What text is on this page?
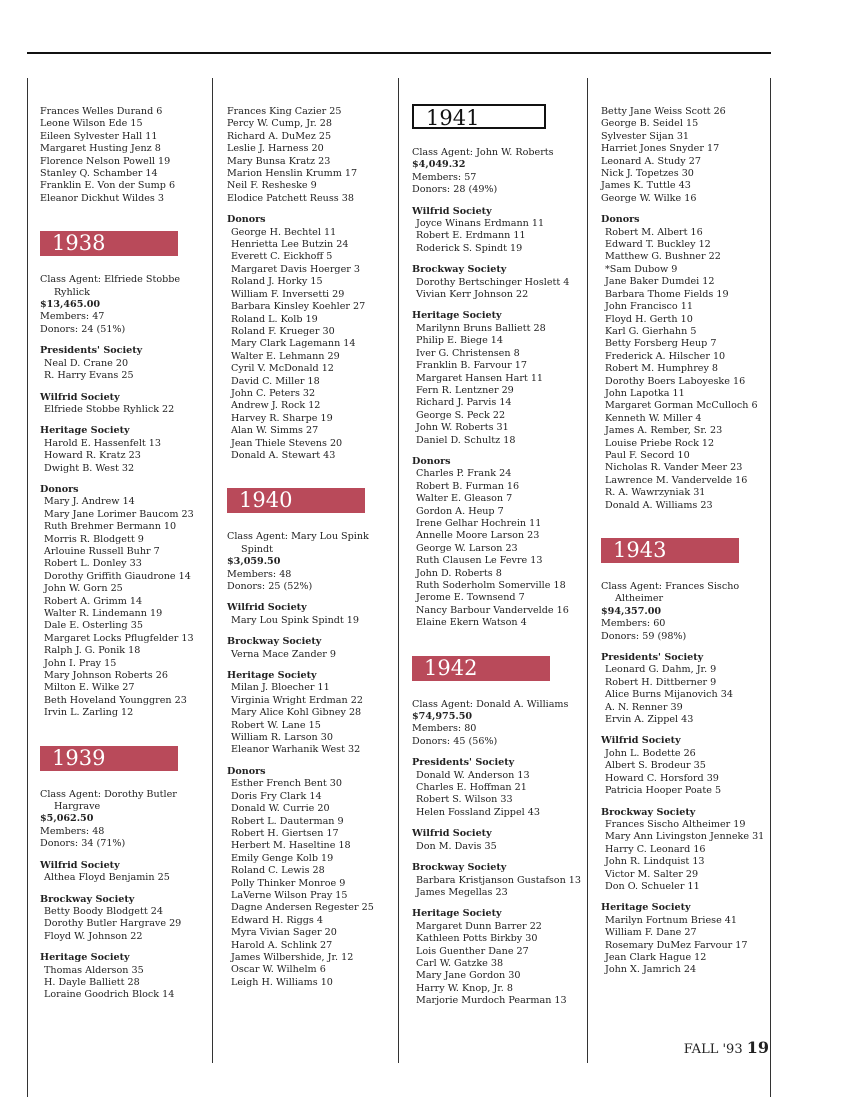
Frances Welles Durand 6
Leone Wilson Ede 15
Eileen Sylvester Hall 11
Margaret Husting Jenz 8
Florence Nelson Powell 19
Stanley Q. Schamber 14
Franklin E. Von der Sump 6
Eleanor Dickhut Wildes 3
1938
Class Agent: Elfriede Stobbe
Ryhlick
$13,465.00
Members: 47
Donors: 24 (51%)
Presidents' Society
Neal D. Crane 20
R. Harry Evans 25
Wilfrid Society
Elfriede Stobbe Ryhlick 22
Heritage Society
Harold E. Hassenfelt 13
Howard R. Kratz 23
Dwight B. West 32
Donors
Mary J. Andrew 14
Mary Jane Lorimer Baucom 23
Ruth Brehmer Bermann 10
Morris R. Blodgett 9
Arlouine Russell Buhr 7
Robert L. Donley 33
Dorothy Griffith Giaudrone 14
John W. Gorn 25
Robert A. Grimm 14
Walter R. Lindemann 19
Dale E. Osterling 35
Margaret Locks Pflugfelder 13
Ralph J. G. Ponik 18
John I. Pray 15
Mary Johnson Roberts 26
Milton E. Wilke 27
Beth Hoveland Younggren 23
Irvin L. Zarling 12
1939
Class Agent: Dorothy Butler
Hargrave
$5,062.50
Members: 48
Donors: 34 (71%)
Wilfrid Society
Althea Floyd Benjamin 25
Brockway Society
Betty Boody Blodgett 24
Dorothy Butler Hargrave 29
Floyd W. Johnson 22
Heritage Society
Thomas Alderson 35
H. Dayle Balliett 28
Loraine Goodrich Block 14
Frances King Cazier 25
Percy W. Cump, Jr. 28
Richard A. DuMez 25
Leslie J. Harness 20
Mary Bunsa Kratz 23
Marion Henslin Krumm 17
Neil F. Resheske 9
Elodice Patchett Reuss 38
Donors
George H. Bechtel 11
Henrietta Lee Butzin 24
Everett C. Eickhoff 5
Margaret Davis Hoerger 3
Roland J. Horky 15
William F. Inversetti 29
Barbara Kinsley Koehler 27
Roland L. Kolb 19
Roland F. Krueger 30
Mary Clark Lagemann 14
Walter E. Lehmann 29
Cyril V. McDonald 12
David C. Miller 18
John C. Peters 32
Andrew J. Rock 12
Harvey R. Sharpe 19
Alan W. Simms 27
Jean Thiele Stevens 20
Donald A. Stewart 43
1940
Class Agent: Mary Lou Spink
Spindt
$3,059.50
Members: 48
Donors: 25 (52%)
Wilfrid Society
Mary Lou Spink Spindt 19
Brockway Society
Verna Mace Zander 9
Heritage Society
Milan J. Bloecher 11
Virginia Wright Erdman 22
Mary Alice Kohl Gibney 28
Robert W. Lane 15
William R. Larson 30
Eleanor Warhanik West 32
Donors
Esther French Bent 30
Doris Fry Clark 14
Donald W. Currie 20
Robert L. Dauterman 9
Robert H. Giertsen 17
Herbert M. Haseltine 18
Emily Genge Kolb 19
Roland C. Lewis 28
Polly Thinker Monroe 9
LaVerne Wilson Pray 15
Dagne Andersen Regester 25
Edward H. Riggs 4
Myra Vivian Sager 20
Harold A. Schlink 27
James Wilbershide, Jr. 12
Oscar W. Wilhelm 6
Leigh H. Williams 10
1941
Class Agent: John W. Roberts
$4,049.32
Members: 57
Donors: 28 (49%)
Wilfrid Society
Joyce Winans Erdmann 11
Robert E. Erdmann 11
Roderick S. Spindt 19
Brockway Society
Dorothy Bertschinger Hoslett 4
Vivian Kerr Johnson 22
Heritage Society
Marilynn Bruns Balliett 28
Philip E. Biege 14
Iver G. Christensen 8
Franklin B. Farvour 17
Margaret Hansen Hart 11
Fern R. Lentzner 29
Richard J. Parvis 14
George S. Peck 22
John W. Roberts 31
Daniel D. Schultz 18
Donors
Charles P. Frank 24
Robert B. Furman 16
Walter E. Gleason 7
Gordon A. Heup 7
Irene Gelhar Hochrein 11
Annelle Moore Larson 23
George W. Larson 23
Ruth Clausen Le Fevre 13
John D. Roberts 8
Ruth Soderholm Somerville 18
Jerome E. Townsend 7
Nancy Barbour Vandervelde 16
Elaine Ekern Watson 4
1942
Class Agent: Donald A. Williams
$74,975.50
Members: 80
Donors: 45 (56%)
Presidents' Society
Donald W. Anderson 13
Charles E. Hoffman 21
Robert S. Wilson 33
Helen Fossland Zippel 43
Wilfrid Society
Don M. Davis 35
Brockway Society
Barbara Kristjanson Gustafson 13
James Megellas 23
Heritage Society
Margaret Dunn Barrer 22
Kathleen Potts Birkby 30
Lois Guenther Dane 27
Carl W. Gatzke 38
Mary Jane Gordon 30
Harry W. Knop, Jr. 8
Marjorie Murdoch Pearman 13
Betty Jane Weiss Scott 26
George B. Seidel 15
Sylvester Sijan 31
Harriet Jones Snyder 17
Leonard A. Study 27
Nick J. Topetzes 30
James K. Tuttle 43
George W. Wilke 16
Donors
Robert M. Albert 16
Edward T. Buckley 12
Matthew G. Bushner 22
*Sam Dubow 9
Jane Baker Dumdei 12
Barbara Thome Fields 19
John Francisco 11
Floyd H. Gerth 10
Karl G. Gierhahn 5
Betty Forsberg Heup 7
Frederick A. Hilscher 10
Robert M. Humphrey 8
Dorothy Boers Laboyeske 16
John Lapotka 11
Margaret Gorman McCulloch 6
Kenneth W. Miller 4
James A. Rember, Sr. 23
Louise Priebe Rock 12
Paul F. Secord 10
Nicholas R. Vander Meer 23
Lawrence M. Vandervelde 16
R. A. Wawrzyniak 31
Donald A. Williams 23
1943
Class Agent: Frances Sischo
Altheimer
$94,357.00
Members: 60
Donors: 59 (98%)
Presidents' Society
Leonard G. Dahm, Jr. 9
Robert H. Dittberner 9
Alice Burns Mijanovich 34
A. N. Renner 39
Ervin A. Zippel 43
Wilfrid Society
John L. Bodette 26
Albert S. Brodeur 35
Howard C. Horsford 39
Patricia Hooper Poate 5
Brockway Society
Frances Sischo Altheimer 19
Mary Ann Livingston Jenneke 31
Harry C. Leonard 16
John R. Lindquist 13
Victor M. Salter 29
Don O. Schueler 11
Heritage Society
Marilyn Fortnum Briese 41
William F. Dane 27
Rosemary DuMez Farvour 17
Jean Clark Hague 12
John X. Jamrich 24
FALL '93 19
